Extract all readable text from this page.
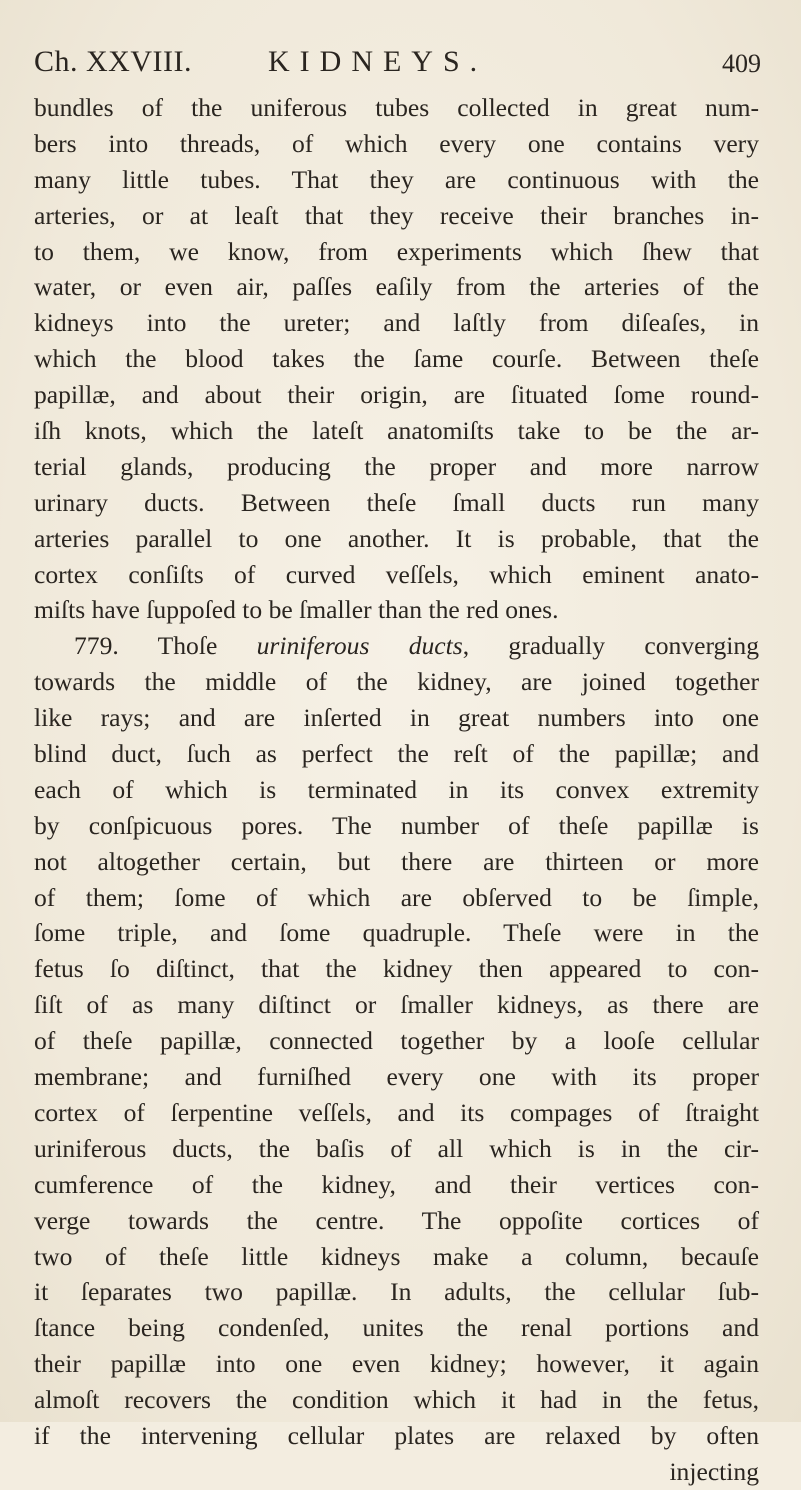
Ch. XXVIII.	KIDNEYS.	409
bundles of the uniferous tubes collected in great num-
bers into threads, of which every one contains very
many little tubes. That they are continuous with the
arteries, or at leaſt that they receive their branches in-
to them, we know, from experiments which ſhew that
water, or even air, paſſes eaſily from the arteries of the
kidneys into the ureter; and laſtly from diſeaſes, in
which the blood takes the ſame courſe. Between theſe
papillæ, and about their origin, are ſituated ſome round-
iſh knots, which the lateſt anatomiſts take to be the ar-
terial glands, producing the proper and more narrow
urinary ducts. Between theſe ſmall ducts run many
arteries parallel to one another. It is probable, that the
cortex conſiſts of curved veſſels, which eminent anato-
miſts have ſuppoſed to be ſmaller than the red ones.
779. Thoſe uriniferous ducts, gradually converging
towards the middle of the kidney, are joined together
like rays; and are inſerted in great numbers into one
blind duct, ſuch as perfect the reſt of the papillæ; and
each of which is terminated in its convex extremity
by conſpicuous pores. The number of theſe papillæ is
not altogether certain, but there are thirteen or more
of them; ſome of which are obſerved to be ſimple,
ſome triple, and ſome quadruple. Theſe were in the
fetus ſo diſtinct, that the kidney then appeared to con-
ſiſt of as many diſtinct or ſmaller kidneys, as there are
of theſe papillæ, connected together by a looſe cellular
membrane; and furniſhed every one with its proper
cortex of ſerpentine veſſels, and its compages of ſtraight
uriniferous ducts, the baſis of all which is in the cir-
cumference of the kidney, and their vertices con-
verge towards the centre. The oppoſite cortices of
two of theſe little kidneys make a column, becauſe
it ſeparates two papillæ. In adults, the cellular ſub-
ſtance being condenſed, unites the renal portions and
their papillæ into one even kidney; however, it again
almoſt recovers the condition which it had in the fetus,
if the intervening cellular plates are relaxed by often
injecting
